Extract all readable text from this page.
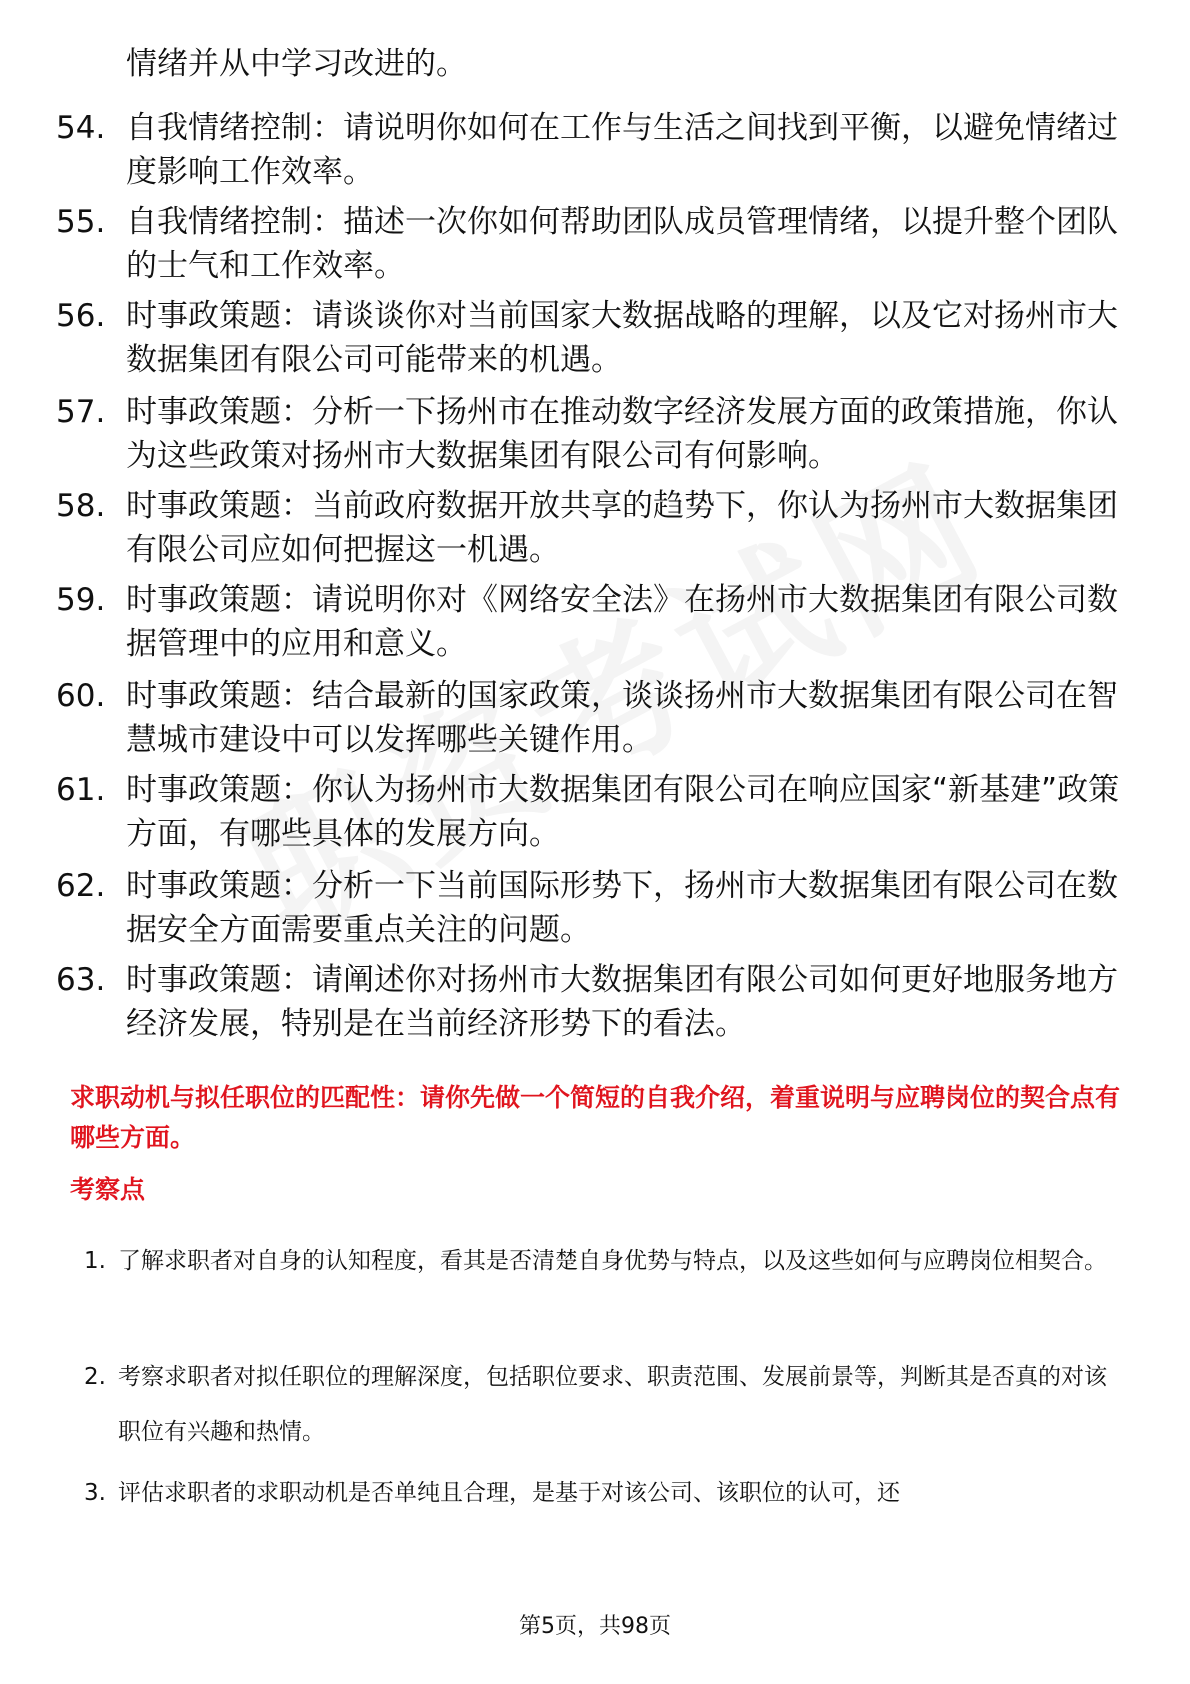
情绪并从中学习改进的。
54. 自我情绪控制：请说明你如何在工作与生活之间找到平衡，以避免情绪过度影响工作效率。
55. 自我情绪控制：描述一次你如何帮助团队成员管理情绪，以提升整个团队的士气和工作效率。
56. 时事政策题：请谈谈你对当前国家大数据战略的理解，以及它对扬州市大数据集团有限公司可能带来的机遇。
57. 时事政策题：分析一下扬州市在推动数字经济发展方面的政策措施，你认为这些政策对扬州市大数据集团有限公司有何影响。
58. 时事政策题：当前政府数据开放共享的趋势下，你认为扬州市大数据集团有限公司应如何把握这一机遇。
59. 时事政策题：请说明你对《网络安全法》在扬州市大数据集团有限公司数据管理中的应用和意义。
60. 时事政策题：结合最新的国家政策，谈谈扬州市大数据集团有限公司在智慧城市建设中可以发挥哪些关键作用。
61. 时事政策题：你认为扬州市大数据集团有限公司在响应国家“新基建”政策方面，有哪些具体的发展方向。
62. 时事政策题：分析一下当前国际形势下，扬州市大数据集团有限公司在数据安全方面需要重点关注的问题。
63. 时事政策题：请阐述你对扬州市大数据集团有限公司如何更好地服务地方经济发展，特别是在当前经济形势下的看法。
求职动机与拟任职位的匹配性：请你先做一个简短的自我介绍，着重说明与应聘岗位的契合点有哪些方面。
考察点
1. 了解求职者对自身的认知程度，看其是否清楚自身优势与特点，以及这些如何与应聘岗位相契合。
2. 考察求职者对拟任职位的理解深度，包括职位要求、职责范围、发展前景等，判断其是否真的对该职位有兴趣和热情。
3. 评估求职者的求职动机是否单纯且合理，是基于对该公司、该职位的认可，还
第5页，共98页
